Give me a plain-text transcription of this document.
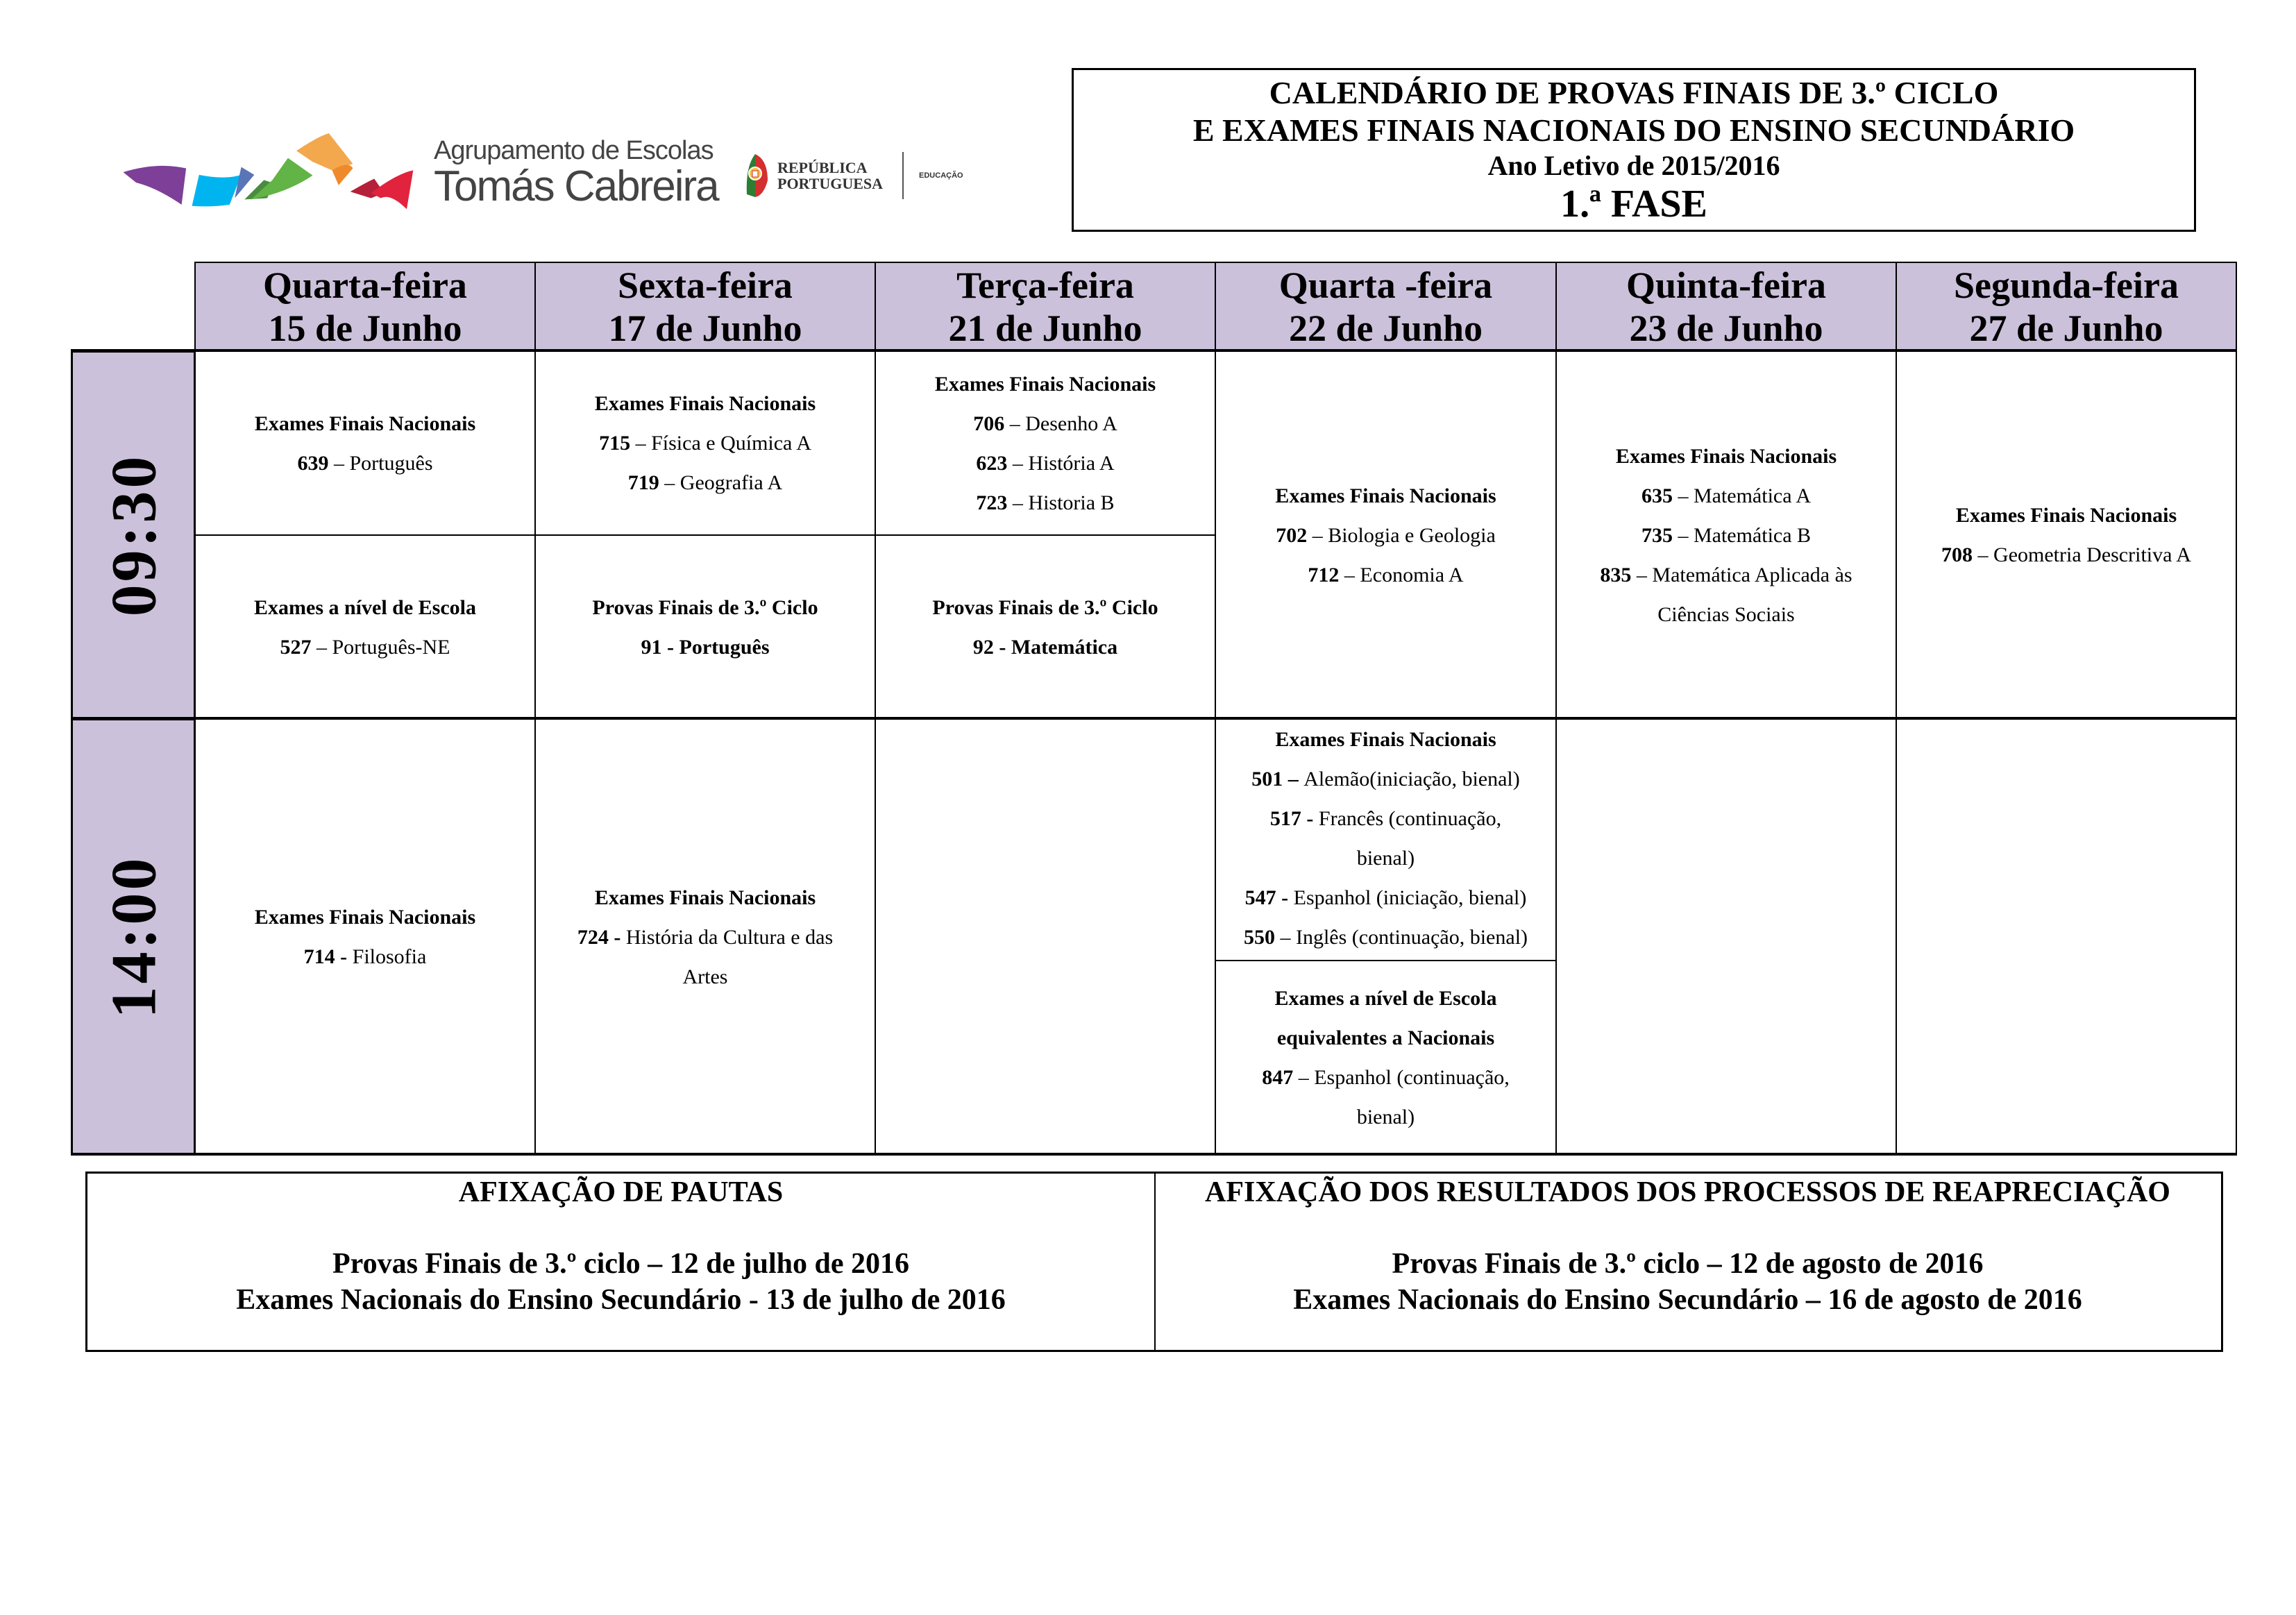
Agrupamento de Escolas
Tomás Cabreira	REPÚBLICA
PORTUGUESA	EDUCAÇÃO
CALENDÁRIO DE PROVAS FINAIS DE 3.º CICLO
E EXAMES FINAIS NACIONAIS DO ENSINO SECUNDÁRIO
Ano Letivo de 2015/2016
1.ª FASE
Quarta-feira
15 de Junho
Sexta-feira
17 de Junho
Terça-feira
21 de Junho
Quarta -feira
22 de Junho
Quinta-feira
23 de Junho
Segunda-feira
27 de Junho
09:30
14:00
Exames Finais Nacionais
639 – Português
Exames Finais Nacionais
715 – Física e Química A
719 – Geografia A
Exames Finais Nacionais
706 – Desenho A
623 – História A
723 – Historia B
Exames a nível de Escola
527 – Português-NE
Provas Finais de 3.º Ciclo
91 - Português
Provas Finais de 3.º Ciclo
92 - Matemática
Exames Finais Nacionais
702 – Biologia e Geologia
712 – Economia A
Exames Finais Nacionais
635 – Matemática A
735 – Matemática B
835 – Matemática Aplicada às Ciências Sociais
Exames Finais Nacionais
708 – Geometria Descritiva A
Exames Finais Nacionais
714 - Filosofia
Exames Finais Nacionais
724 - História da Cultura e das Artes
Exames Finais Nacionais
501 – Alemão(iniciação, bienal)
517 - Francês (continuação, bienal)
547 - Espanhol (iniciação, bienal)
550 – Inglês (continuação, bienal)
Exames a nível de Escola equivalentes a Nacionais
847 – Espanhol (continuação, bienal)
AFIXAÇÃO DE PAUTAS
Provas Finais de 3.º ciclo – 12 de julho de 2016
Exames Nacionais do Ensino Secundário - 13 de julho de 2016
AFIXAÇÃO DOS RESULTADOS DOS PROCESSOS DE REAPRECIAÇÃO
Provas Finais de 3.º ciclo – 12 de agosto de 2016
Exames Nacionais do Ensino Secundário – 16 de agosto de 2016
